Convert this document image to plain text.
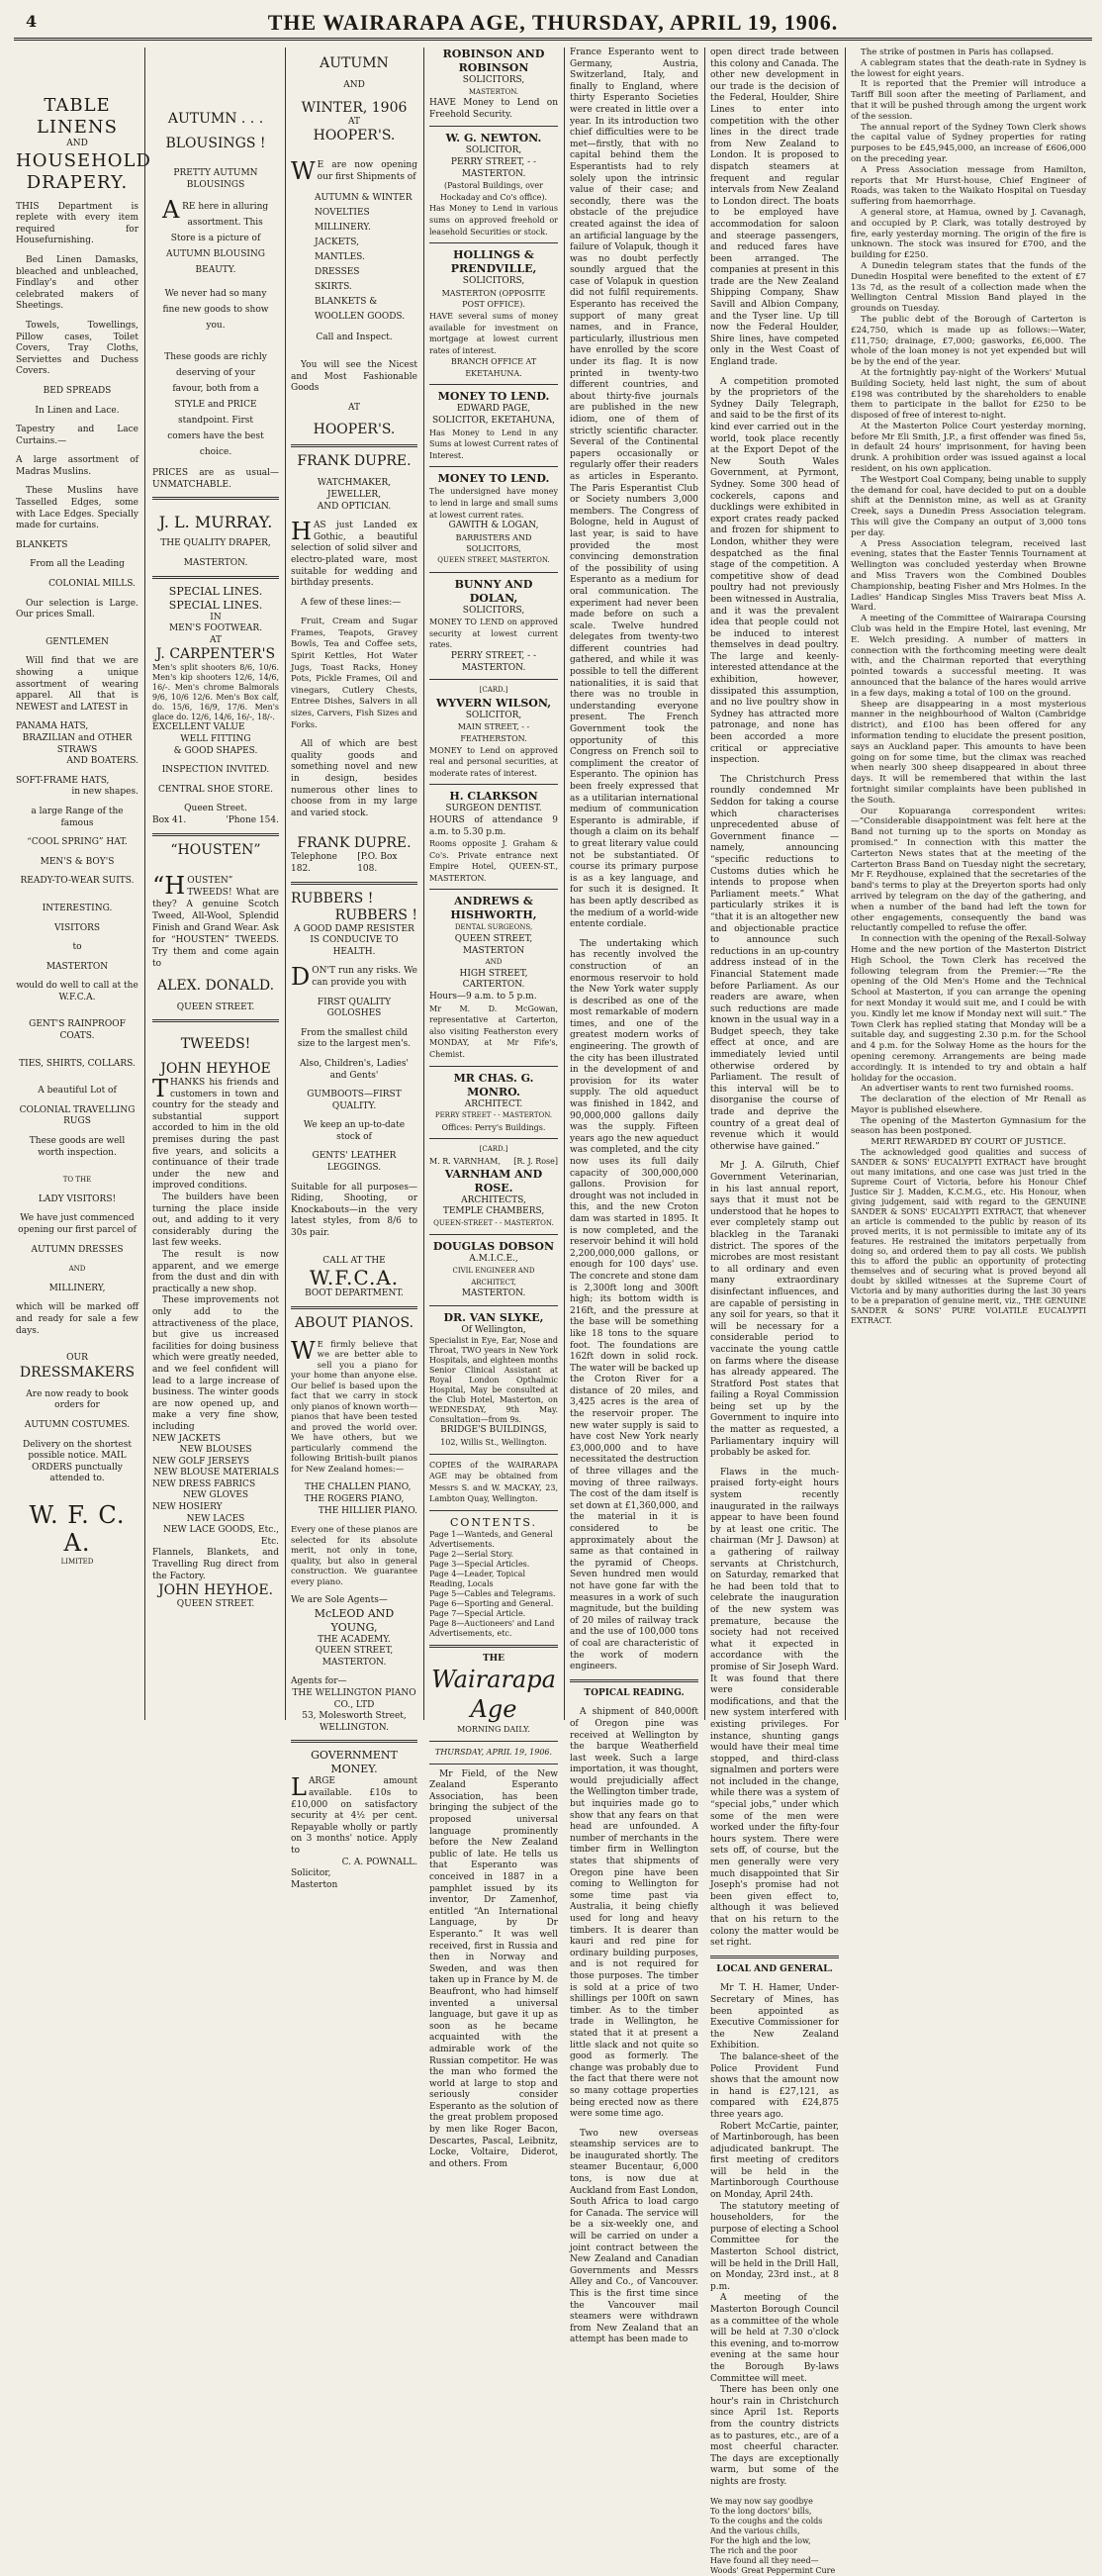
4	THE WAIRARAPA AGE, THURSDAY, APRIL 19, 1906.
TABLE LINENS
AND
HOUSEHOLD
DRAPERY.
THIS Department is replete with every item required for Housefurnishing.
Bed Linen Damasks, bleached and unbleached, Findlay's and other celebrated makers of Sheetings.
Towels, Towellings, Pillow cases, Toilet Covers, Tray Cloths, Serviettes and Duchess Covers.
BED SPREADS
In Linen and Lace.
Tapestry and Lace Curtains.—
A large assortment of Madras Muslins.
These Muslins have Tasselled Edges, some with Lace Edges. Specially made for curtains.
BLANKETS
From all the Leading
COLONIAL MILLS.
Our selection is Large. Our prices Small.
GENTLEMEN
Will find that we are showing a unique assortment of wearing apparel. All that is NEWEST and LATEST in
PANAMA HATS,
BRAZILIAN and OTHER STRAWS
AND BOATERS.
SOFT-FRAME HATS,
in new shapes.
a large Range of the famous
“COOL SPRING” HAT.
MEN'S & BOY'S
READY-TO-WEAR SUITS.
INTERESTING.
VISITORS
to
MASTERTON
would do well to call at the W.F.C.A.
GENT'S RAINPROOF COATS.
TIES, SHIRTS, COLLARS.
A beautiful Lot of
COLONIAL TRAVELLING RUGS
These goods are well worth inspection.
TO THE
LADY VISITORS!
We have just commenced opening our first parcel of
AUTUMN DRESSES
AND
MILLINERY,
which will be marked off and ready for sale a few days.
OUR
DRESSMAKERS
Are now ready to book orders for
AUTUMN COSTUMES.
Delivery on the shortest possible notice. MAIL ORDERS punctually attended to.
W. F. C. A.
LIMITED
AUTUMN . . .
BLOUSINGS !
PRETTY AUTUMN BLOUSINGS
ARE here in alluring assortment. This Store is a picture of AUTUMN BLOUSING BEAUTY.
We never had so many fine new goods to show you.
These goods are richly deserving of your favour, both from a STYLE and PRICE standpoint. First comers have the best choice.
PRICES are as usual—UNMATCHABLE.
J. L. MURRAY.
THE QUALITY DRAPER,
MASTERTON.
SPECIAL LINES. SPECIAL LINES.
IN
MEN'S FOOTWEAR.
AT
J. CARPENTER'S
Men's split shooters 8/6, 10/6. Men's kip shooters 12/6, 14/6, 16/-. Men's chrome Balmorals 9/6, 10/6 12/6. Men's Box calf, do. 15/6, 16/9, 17/6. Men's glace do. 12/6, 14/6, 16/-, 18/-.
EXCELLENT VALUE
WELL FITTING
& GOOD SHAPES.
INSPECTION INVITED.
CENTRAL SHOE STORE.
Queen Street.
Box 41.	'Phone 154.
“HOUSTEN”
“HOUSTEN” TWEEDS! What are they? A genuine Scotch Tweed, All-Wool, Splendid Finish and Grand Wear. Ask for “HOUSTEN” TWEEDS. Try them and come again to
ALEX. DONALD.
QUEEN STREET.
TWEEDS!
JOHN HEYHOE
THANKS his friends and customers in town and country for the steady and substantial support accorded to him in the old premises during the past five years, and solicits a continuance of their trade under the new and improved conditions.
The builders have been turning the place inside out, and adding to it very considerably during the last few weeks.
The result is now apparent, and we emerge from the dust and din with practically a new shop.
These improvements not only add to the attractiveness of the place, but give us increased facilities for doing business which were greatly needed, and we feel confident will lead to a large increase of business. The winter goods are now opened up, and make a very fine show, including
NEW JACKETS
NEW BLOUSES
NEW GOLF JERSEYS
NEW BLOUSE MATERIALS
NEW DRESS FABRICS
NEW GLOVES
NEW HOSIERY
NEW LACES
NEW LACE GOODS, Etc., Etc.
Flannels, Blankets, and Travelling Rug direct from the Factory.
JOHN HEYHOE.
QUEEN STREET.
AUTUMN
AND
WINTER, 1906
AT
HOOPER'S.
WE are now opening our first Shipments of
AUTUMN & WINTER
NOVELTIES
MILLINERY.
JACKETS,
MANTLES.
DRESSES
SKIRTS.
BLANKETS &
WOOLLEN GOODS.
Call and Inspect.
You will see the Nicest and Most Fashionable Goods
AT
HOOPER'S.
FRANK DUPRE.
WATCHMAKER, JEWELLER,
AND OPTICIAN.
HAS just Landed ex Gothic, a beautiful selection of solid silver and electro-plated ware, most suitable for wedding and birthday presents.
A few of these lines:—
Fruit, Cream and Sugar Frames, Teapots, Gravey Bowls, Tea and Coffee sets, Spirit Kettles, Hot Water Jugs, Toast Racks, Honey Pots, Pickle Frames, Oil and vinegars, Cutlery Chests, Entree Dishes, Salvers in all sizes, Carvers, Fish Sizes and Forks.
All of which are best quality goods and something novel and new in design, besides numerous other lines to choose from in my large and varied stock.
FRANK DUPRE.
Telephone 182.
[P.O. Box 108.
RUBBERS !
RUBBERS !
A GOOD DAMP RESISTER
IS CONDUCIVE TO HEALTH.
DON'T run any risks. We can provide you with
FIRST QUALITY GOLOSHES
From the smallest child size to the largest men's.
Also, Children's, Ladies' and Gents'
GUMBOOTS—FIRST QUALITY.
We keep an up-to-date stock of
GENTS' LEATHER LEGGINGS.
Suitable for all purposes—Riding, Shooting, or Knockabouts—in the very latest styles, from 8/6 to 30s pair.
CALL AT THE
W.F.C.A.
BOOT DEPARTMENT.
ABOUT PIANOS.
WE firmly believe that we are better able to sell you a piano for your home than anyone else. Our belief is based upon the fact that we carry in stock only pianos of known worth—pianos that have been tested and proved the world over. We have others, but we particularly commend the following British-built pianos for New Zealand homes:—
THE CHALLEN PIANO,
THE ROGERS PIANO,
THE HILLIER PIANO.
Every one of these pianos are selected for its absolute merit, not only in tone, quality, but also in general construction. We guarantee every piano.
We are Sole Agents—
McLEOD AND YOUNG,
THE ACADEMY.
QUEEN STREET, MASTERTON.
Agents for—
THE WELLINGTON PIANO CO., LTD
53, Molesworth Street,
WELLINGTON.
GOVERNMENT MONEY.
LARGE amount available. £10s to £10,000 on satisfactory security at 4½ per cent. Repayable wholly or partly on 3 months' notice. Apply to
C. A. POWNALL.
Solicitor,
Masterton
ROBINSON AND ROBINSON
SOLICITORS,
MASTERTON.
HAVE Money to Lend on Freehold Security.
W. G. NEWTON.
SOLICITOR,
PERRY STREET, - - MASTERTON.
(Pastoral Buildings, over Hockaday and Co's office).
Has Money to Lend in various sums on approved freehold or leasehold Securities or stock.
HOLLINGS & PRENDVILLE,
SOLICITORS,
MASTERTON (OPPOSITE POST OFFICE).
HAVE several sums of money available for investment on mortgage at lowest current rates of interest.
BRANCH OFFICE AT EKETAHUNA.
MONEY TO LEND.
EDWARD PAGE,
SOLICITOR, EKETAHUNA,
Has Money to Lend in any Sums at lowest Current rates of Interest.
MONEY TO LEND.
The undersigned have money to lend in large and small sums at lowest current rates.
GAWITH & LOGAN,
BARRISTERS AND SOLICITORS,
QUEEN STREET, MASTERTON.
BUNNY AND DOLAN,
SOLICITORS,
MONEY TO LEND on approved security at lowest current rates.
PERRY STREET, - - MASTERTON.
[CARD.]
WYVERN WILSON,
SOLICITOR,
MAIN STREET, - - FEATHERSTON.
MONEY to Lend on approved real and personal securities, at moderate rates of interest.
H. CLARKSON
SURGEON DENTIST.
HOURS of attendance 9 a.m. to 5.30 p.m.
Rooms opposite J. Graham & Co's. Private entrance next Empire Hotel, QUEEN-ST., MASTERTON.
ANDREWS & HISHWORTH,
DENTAL SURGEONS,
QUEEN STREET, MASTERTON
AND
HIGH STREET, CARTERTON.
Hours—9 a.m. to 5 p.m.
Mr M. D. McGowan, representative at Carterton, also visiting Featherston every MONDAY, at Mr Fife's, Chemist.
MR CHAS. G. MONRO.
ARCHITECT.
PERRY STREET - - MASTERTON.
Offices: Perry's Buildings.
[CARD.]
M. R. VARNHAM, [R. J. Rose]
VARNHAM AND ROSE.
ARCHITECTS,
TEMPLE CHAMBERS,
QUEEN-STREET - - MASTERTON.
DOUGLAS DOBSON
A.M.I.C.E.,
CIVIL ENGINEER AND ARCHITECT,
MASTERTON.
DR. VAN SLYKE,
Of Wellington,
Specialist in Eye, Ear, Nose and Throat, TWO years in New York Hospitals, and eighteen months Senior Clinical Assistant at Royal London Opthalmic Hospital, May be consulted at the Club Hotel, Masterton, on WEDNESDAY, 9th May. Consultation—from 9s.
BRIDGE'S BUILDINGS,
102, Willis St., Wellington.
COPIES of the WAIRARAPA AGE may be obtained from Messrs S. and W. MACKAY, 23, Lambton Quay, Wellington.
CONTENTS.
Page 1—Wanteds, and General Advertisements.
Page 2—Serial Story.
Page 3—Special Articles.
Page 4—Leader, Topical Reading, Locals
Page 5—Cables and Telegrams.
Page 6—Sporting and General.
Page 7—Special Article.
Page 8—Auctioneers' and Land Advertisements, etc.
THE
Wairarapa Age
MORNING DAILY.
THURSDAY, APRIL 19, 1906.
Mr Field, of the New Zealand Esperanto Association, has been bringing the subject of the proposed universal language prominently before the New Zealand public of late. He tells us that Esperanto was conceived in 1887 in a pamphlet issued by its inventor, Dr Zamenhof, entitled “An International Language, by Dr Esperanto.” It was well received, first in Russia and then in Norway and Sweden, and was then taken up in France by M. de Beaufront, who had himself invented a universal language, but gave it up as soon as he became acquainted with the admirable work of the Russian competitor. He was the man who formed the world at large to stop and seriously consider Esperanto as the solution of the great problem proposed by men like Roger Bacon, Descartes, Pascal, Leibnitz, Locke, Voltaire, Diderot, and others. From
France Esperanto went to Germany, Austria, Switzerland, Italy, and finally to England, where thirty Esperanto Societies were created in little over a year. In its introduction two chief difficulties were to be met—firstly, that with no capital behind them the Esperantists had to rely solely upon the intrinsic value of their case; and secondly, there was the obstacle of the prejudice created against the idea of an artificial language by the failure of Volapuk, though it was no doubt perfectly soundly argued that the case of Volapuk in question did not fulfil requirements. Esperanto has received the support of many great names, and in France, particularly, illustrious men have enrolled by the score under its flag. It is now printed in twenty-two different countries, and about thirty-five journals are published in the new idiom, one of them of strictly scientific character. Several of the Continental papers occasionally or regularly offer their readers as articles in Esperanto. The Paris Esperantist Club or Society numbers 3,000 members. The Congress of Bologne, held in August of last year, is said to have provided the most convincing demonstration of the possibility of using Esperanto as a medium for oral communication. The experiment had never been made before on such a scale. Twelve hundred delegates from twenty-two different countries had gathered, and while it was possible to tell the different nationalities, it is said that there was no trouble in understanding everyone present. The French Government took the opportunity of this Congress on French soil to compliment the creator of Esperanto. The opinion has been freely expressed that as a utilitarian international medium of communication Esperanto is admirable, if though a claim on its behalf to great literary value could not be substantiated. Of course its primary purpose is as a key language, and for such it is designed. It has been aptly described as the medium of a world-wide entente cordiale.
The undertaking which has recently involved the construction of an enormous reservoir to hold the New York water supply is described as one of the most remarkable of modern times, and one of the greatest modern works of engineering. The growth of the city has been illustrated in the development of and provision for its water supply. The old aqueduct was finished in 1842, and 90,000,000 gallons daily was the supply. Fifteen years ago the new aqueduct was completed, and the city now uses its full daily capacity of 300,000,000 gallons. Provision for drought was not included in this, and the new Croton dam was started in 1895. It is now completed, and the reservoir behind it will hold 2,200,000,000 gallons, or enough for 100 days' use. The concrete and stone dam is 2,300ft long and 300ft high; its bottom width is 216ft, and the pressure at the base will be something like 18 tons to the square foot. The foundations are 162ft down in solid rock. The water will be backed up the Croton River for a distance of 20 miles, and 3,425 acres is the area of the reservoir proper. The new water supply is said to have cost New York nearly £3,000,000 and to have necessitated the destruction of three villages and the moving of three railways. The cost of the dam itself is set down at £1,360,000, and the material in it is considered to be approximately about the same as that contained in the pyramid of Cheops. Seven hundred men would not have gone far with the measures in a work of such magnitude, but the building of 20 miles of railway track and the use of 100,000 tons of coal are characteristic of the work of modern engineers.
TOPICAL READING.
A shipment of 840,000ft of Oregon pine was received at Wellington by the barque Weatherfield last week. Such a large importation, it was thought, would prejudicially affect the Wellington timber trade, but inquiries made go to show that any fears on that head are unfounded. A number of merchants in the timber firm in Wellington states that shipments of Oregon pine have been coming to Wellington for some time past via Australia, it being chiefly used for long and heavy timbers. It is dearer than kauri and red pine for ordinary building purposes, and is not required for those purposes. The timber is sold at a price of two shillings per 100ft on sawn timber. As to the timber trade in Wellington, he stated that it at present a little slack and not quite so good as formerly. The change was probably due to the fact that there were not so many cottage properties being erected now as there were some time ago.
Two new overseas steamship services are to be inaugurated shortly. The steamer Bucentaur, 6,000 tons, is now due at Auckland from East London, South Africa to load cargo for Canada. The service will be a six-weekly one, and will be carried on under a joint contract between the New Zealand and Canadian Governments and Messrs Alley and Co., of Vancouver. This is the first time since the Vancouver mail steamers were withdrawn from New Zealand that an attempt has been made to
open direct trade between this colony and Canada. The other new development in our trade is the decision of the Federal, Houlder, Shire Lines to enter into competition with the other lines in the direct trade from New Zealand to London. It is proposed to dispatch steamers at frequent and regular intervals from New Zealand to London direct. The boats to be employed have accommodation for saloon and steerage passengers, and reduced fares have been arranged. The companies at present in this trade are the New Zealand Shipping Company, Shaw Savill and Albion Company, and the Tyser line. Up till now the Federal Houlder, Shire lines, have competed only in the West Coast of England trade.
A competition promoted by the proprietors of the Sydney Daily Telegraph, and said to be the first of its kind ever carried out in the world, took place recently at the Export Depot of the New South Wales Government, at Pyrmont, Sydney. Some 300 head of cockerels, capons and ducklings were exhibited in export crates ready packed and frozen for shipment to London, whither they were despatched as the final stage of the competition. A competitive show of dead poultry had not previously been witnessed in Australia, and it was the prevalent idea that people could not be induced to interest themselves in dead poultry. The large and keenly-interested attendance at the exhibition, however, dissipated this assumption, and no live poultry show in Sydney has attracted more patronage, and none has been accorded a more critical or appreciative inspection.
The Christchurch Press roundly condemned Mr Seddon for taking a course which characterises unprecedented abuse of Government finance —namely, announcing “specific reductions to Customs duties which he intends to propose when Parliament meets.” What particularly strikes it is “that it is an altogether new and objectionable practice to announce such reductions in an up-country address instead of in the Financial Statement made before Parliament. As our readers are aware, when such reductions are made known in the usual way in a Budget speech, they take effect at once, and are immediately levied until otherwise ordered by Parliament. The result of this interval will be to disorganise the course of trade and deprive the country of a great deal of revenue which it would otherwise have gained.”
Mr J. A. Gilruth, Chief Government Veterinarian, in his last annual report, says that it must not be understood that he hopes to ever completely stamp out blackleg in the Taranaki district. The spores of the microbes are most resistant to all ordinary and even many extraordinary disinfectant influences, and are capable of persisting in any soil for years, so that it will be necessary for a considerable period to vaccinate the young cattle on farms where the disease has already appeared. The Stratford Post states that failing a Royal Commission being set up by the Government to inquire into the matter as requested, a Parliamentary inquiry will probably be asked for.
Flaws in the much-praised forty-eight hours system recently inaugurated in the railways appear to have been found by at least one critic. The chairman (Mr J. Dawson) at a gathering of railway servants at Christchurch, on Saturday, remarked that he had been told that to celebrate the inauguration of the new system was premature, because the society had not received what it expected in accordance with the promise of Sir Joseph Ward. It was found that there were considerable modifications, and that the new system interfered with existing privileges. For instance, shunting gangs would have their meal time stopped, and third-class signalmen and porters were not included in the change, while there was a system of “special jobs,” under which some of the men were worked under the fifty-four hours system. There were sets off, of course, but the men generally were very much disappointed that Sir Joseph's promise had not been given effect to, although it was believed that on his return to the colony the matter would be set right.
LOCAL AND GENERAL.
Mr T. H. Hamer, Under-Secretary of Mines, has been appointed as Executive Commissioner for the New Zealand Exhibition.
The balance-sheet of the Police Provident Fund shows that the amount now in hand is £27,121, as compared with £24,875 three years ago.
Robert McCartie, painter, of Martinborough, has been adjudicated bankrupt. The first meeting of creditors will be held in the Martinborough Courthouse on Monday, April 24th.
The statutory meeting of householders, for the purpose of electing a School Committee for the Masterton School district, will be held in the Drill Hall, on Monday, 23rd inst., at 8 p.m.
A meeting of the Masterton Borough Council as a committee of the whole will be held at 7.30 o'clock this evening, and to-morrow evening at the same hour the Borough By-laws Committee will meet.
There has been only one hour's rain in Christchurch since April 1st. Reports from the country districts as to pastures, etc., are of a most cheerful character. The days are exceptionally warm, but some of the nights are frosty.
We may now say goodbye
To the long doctors' bills,
To the coughs and the colds
And the various chills,
For the high and the low,
The rich and the poor
Have found all they need—
Woods' Great Peppermint Cure
The strike of postmen in Paris has collapsed.
A cablegram states that the death-rate in Sydney is the lowest for eight years.
It is reported that the Premier will introduce a Tariff Bill soon after the meeting of Parliament, and that it will be pushed through among the urgent work of the session.
The annual report of the Sydney Town Clerk shows the capital value of Sydney properties for rating purposes to be £45,945,000, an increase of £606,000 on the preceding year.
A Press Association message from Hamilton, reports that Mr Hurst-house, Chief Engineer of Roads, was taken to the Waikato Hospital on Tuesday suffering from haemorrhage.
A general store, at Hamua, owned by J. Cavanagh, and occupied by P. Clark, was totally destroyed by fire, early yesterday morning. The origin of the fire is unknown. The stock was insured for £700, and the building for £250.
A Dunedin telegram states that the funds of the Dunedin Hospital were benefited to the extent of £7 13s 7d, as the result of a collection made when the Wellington Central Mission Band played in the grounds on Tuesday.
The public debt of the Borough of Carterton is £24,750, which is made up as follows:—Water, £11,750; drainage, £7,000; gasworks, £6,000. The whole of the loan money is not yet expended but will be by the end of the year.
At the fortnightly pay-night of the Workers' Mutual Building Society, held last night, the sum of about £198 was contributed by the shareholders to enable them to participate in the ballot for £250 to be disposed of free of interest to-night.
At the Masterton Police Court yesterday morning, before Mr Eli Smith, J.P., a first offender was fined 5s, in default 24 hours' imprisonment, for having been drunk. A prohibition order was issued against a local resident, on his own application.
The Westport Coal Company, being unable to supply the demand for coal, have decided to put on a double shift at the Denniston mine, as well as at Granity Creek, says a Dunedin Press Association telegram. This will give the Company an output of 3,000 tons per day.
A Press Association telegram, received last evening, states that the Easter Tennis Tournament at Wellington was concluded yesterday when Browne and Miss Travers won the Combined Doubles Championship, beating Fisher and Mrs Holmes. In the Ladies' Handicap Singles Miss Travers beat Miss A. Ward.
A meeting of the Committee of Wairarapa Coursing Club was held in the Empire Hotel, last evening, Mr E. Welch presiding. A number of matters in connection with the forthcoming meeting were dealt with, and the Chairman reported that everything pointed towards a successful meeting. It was announced that the balance of the hares would arrive in a few days, making a total of 100 on the ground.
Sheep are disappearing in a most mysterious manner in the neighbourhood of Walton (Cambridge district), and £100 has been offered for any information tending to elucidate the present position, says an Auckland paper. This amounts to have been going on for some time, but the climax was reached when nearly 300 sheep disappeared in about three days. It will be remembered that within the last fortnight similar complaints have been published in the South.
Our Kopuaranga correspondent writes:—“Considerable disappointment was felt here at the Band not turning up to the sports on Monday as promised.” In connection with this matter the Carterton News states that at the meeting of the Carterton Brass Band on Tuesday night the secretary, Mr F. Reydhouse, explained that the secretaries of the band's terms to play at the Dreyerton sports had only arrived by telegram on the day of the gathering, and when a number of the band had left the town for other engagements, consequently the band was reluctantly compelled to refuse the offer.
In connection with the opening of the Rexall-Solway Home and the new portion of the Masterton District High School, the Town Clerk has received the following telegram from the Premier:—“Re the opening of the Old Men's Home and the Technical School at Masterton, if you can arrange the opening for next Monday it would suit me, and I could be with you. Kindly let me know if Monday next will suit.” The Town Clerk has replied stating that Monday will be a suitable day, and suggesting 2.30 p.m. for the School and 4 p.m. for the Solway Home as the hours for the opening ceremony. Arrangements are being made accordingly. It is intended to try and obtain a half holiday for the occasion.
An advertiser wants to rent two furnished rooms.
The declaration of the election of Mr Renall as Mayor is published elsewhere.
The opening of the Masterton Gymnasium for the season has been postponed.
MERIT REWARDED BY COURT OF JUSTICE.
The acknowledged good qualities and success of SANDER & SONS' EUCALYPTI EXTRACT have brought out many imitations, and one case was just tried in the Supreme Court of Victoria, before his Honour Chief Justice Sir J. Madden, K.C.M.G., etc. His Honour, when giving judgement, said with regard to the GENUINE SANDER & SONS' EUCALYPTI EXTRACT, that whenever an article is commended to the public by reason of its proved merits, it is not permissible to imitate any of its features. He restrained the imitators perpetually from doing so, and ordered them to pay all costs. We publish this to afford the public an opportunity of protecting themselves and of securing what is proved beyond all doubt by skilled witnesses at the Supreme Court of Victoria and by many authorities during the last 30 years to be a preparation of genuine merit, viz., THE GENUINE SANDER & SONS' PURE VOLATILE EUCALYPTI EXTRACT.
